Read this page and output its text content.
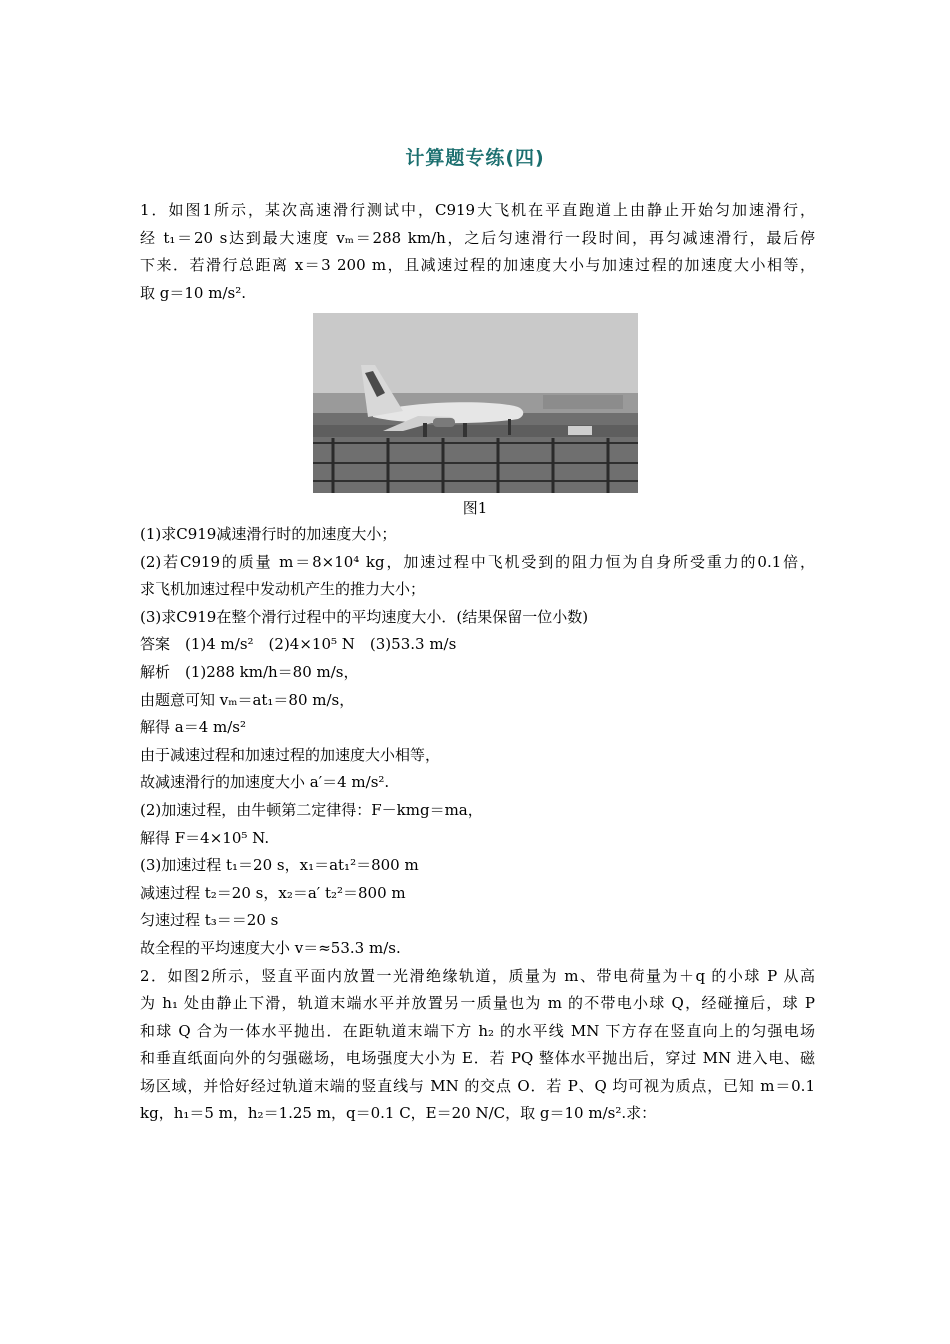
计算题专练(四)
1．如图1所示，某次高速滑行测试中，C919大飞机在平直跑道上由静止开始匀加速滑行，
经 t₁＝20 s达到最大速度 vₘ＝288 km/h，之后匀速滑行一段时间，再匀减速滑行，最后停
下来．若滑行总距离 x＝3 200 m，且减速过程的加速度大小与加速过程的加速度大小相等，
取 g＝10 m/s².
图1
(1)求C919减速滑行时的加速度大小；
(2)若C919的质量 m＝8×10⁴ kg，加速过程中飞机受到的阻力恒为自身所受重力的0.1倍，
求飞机加速过程中发动机产生的推力大小；
(3)求C919在整个滑行过程中的平均速度大小．(结果保留一位小数)
答案　(1)4 m/s²　(2)4×10⁵ N　(3)53.3 m/s
解析　(1)288 km/h＝80 m/s，
由题意可知 vₘ＝at₁＝80 m/s，
解得 a＝4 m/s²
由于减速过程和加速过程的加速度大小相等，
故减速滑行的加速度大小 a′＝4 m/s².
(2)加速过程，由牛顿第二定律得：F－kmg＝ma，
解得 F＝4×10⁵ N.
(3)加速过程 t₁＝20 s，x₁＝at₁²＝800 m
减速过程 t₂＝20 s，x₂＝a′ t₂²＝800 m
匀速过程 t₃＝＝20 s
故全程的平均速度大小 v＝≈53.3 m/s.
2．如图2所示，竖直平面内放置一光滑绝缘轨道，质量为 m、带电荷量为＋q 的小球 P 从高
为 h₁ 处由静止下滑，轨道末端水平并放置另一质量也为 m 的不带电小球 Q，经碰撞后，球 P
和球 Q 合为一体水平抛出．在距轨道末端下方 h₂ 的水平线 MN 下方存在竖直向上的匀强电场
和垂直纸面向外的匀强磁场，电场强度大小为 E．若 PQ 整体水平抛出后，穿过 MN 进入电、磁
场区域，并恰好经过轨道末端的竖直线与 MN 的交点 O．若 P、Q 均可视为质点，已知 m＝0.1
kg，h₁＝5 m，h₂＝1.25 m，q＝0.1 C，E＝20 N/C，取 g＝10 m/s².求：
